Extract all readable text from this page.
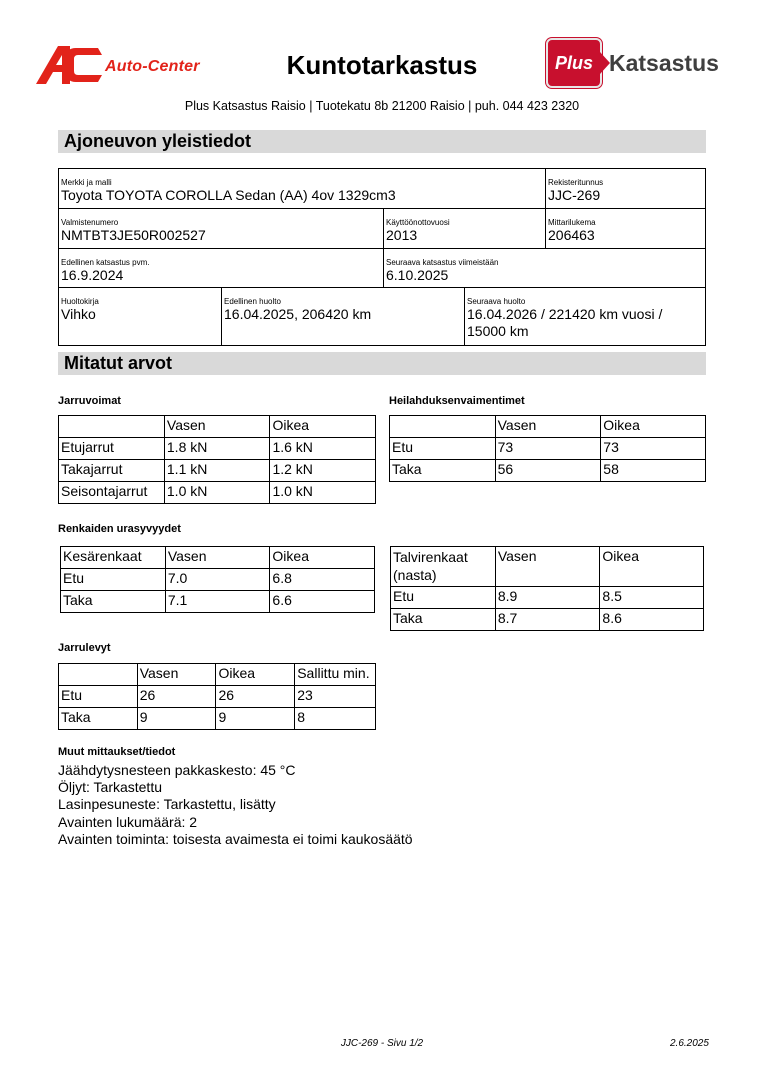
Auto-Center	Kuntotarkastus	Plus Katsastus
Plus Katsastus Raisio | Tuotekatu 8b 21200 Raisio | puh. 044 423 2320
Ajoneuvon yleistiedot
Merkki ja malli
Toyota TOYOTA COROLLA Sedan (AA) 4ov 1329cm3
Rekisteritunnus
JJC-269
Valmistenumero
NMTBT3JE50R002527
Käyttöönottovuosi
2013
Mittarilukema
206463
Edellinen katsastus pvm.
16.9.2024
Seuraava katsastus viimeistään
6.10.2025
Huoltokirja
Vihko
Edellinen huolto
16.04.2025, 206420 km
Seuraava huolto
16.04.2026 / 221420 km vuosi /
15000 km
Mitatut arvot
Jarruvoimat
	Vasen	Oikea
Etujarrut	1.8 kN	1.6 kN
Takajarrut	1.1 kN	1.2 kN
Seisontajarrut	1.0 kN	1.0 kN
Heilahduksenvaimentimet
	Vasen	Oikea
Etu	73	73
Taka	56	58
Renkaiden urasyvyydet
Kesärenkaat	Vasen	Oikea
Etu	7.0	6.8
Taka	7.1	6.6
Talvirenkaat (nasta)	Vasen	Oikea
Etu	8.9	8.5
Taka	8.7	8.6
Jarrulevyt
	Vasen	Oikea	Sallittu min.
Etu	26	26	23
Taka	9	9	8
Muut mittaukset/tiedot
Jäähdytysnesteen pakkaskesto: 45 °C
Öljyt: Tarkastettu
Lasinpesuneste: Tarkastettu, lisätty
Avainten lukumäärä: 2
Avainten toiminta: toisesta avaimesta ei toimi kaukosäätö
JJC-269 - Sivu 1/2	2.6.2025
